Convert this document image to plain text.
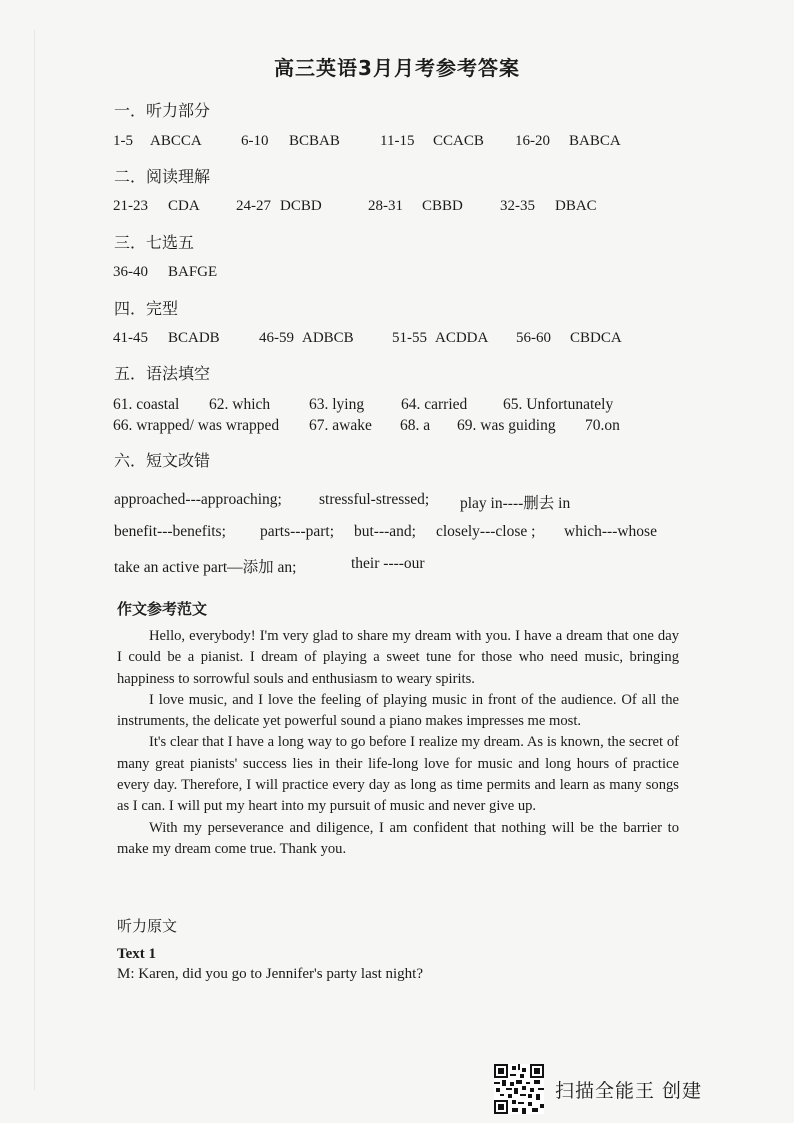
高三英语3月月考参考答案
一．听力部分
1-5 ABCCA	6-10 BCBAB	11-15 CCACB 16-20 BABCA
二．阅读理解
21-23 CDA 24-27 DCBD	28-31 CBBD 32-35 DBAC
三．七选五
36-40 BAFGE
四．完型
41-45 BCADB	46-59 ADBCB	51-55 ACDDA 56-60 CBDCA
五．语法填空
61. coastal 62. which	63. lying 64. carried 65. Unfortunately
66. wrapped/ was wrapped 67. awake 68. a 69. was guiding 70.on
六．短文改错
approached---approaching; stressful-stressed; play in----删去 in
benefit---benefits; parts---part; but---and; closely---close ; which---whose
take an active part—添加 an;	their ----our
作文参考范文

Hello, everybody! I'm very glad to share my dream with you. I have a dream that one day I could be a pianist. I dream of playing a sweet tune for those who need music, bringing happiness to sorrowful souls and enthusiasm to weary spirits.

I love music, and I love the feeling of playing music in front of the audience. Of all the instruments, the delicate yet powerful sound a piano makes impresses me most.

It's clear that I have a long way to go before I realize my dream. As is known, the secret of many great pianists' success lies in their life-long love for music and long hours of practice every day. Therefore, I will practice every day as long as time permits and learn as many songs as I can. I will put my heart into my pursuit of music and never give up.

With my perseverance and diligence, I am confident that nothing will be the barrier to make my dream come true. Thank you.

听力原文
Text 1
M: Karen, did you go to Jennifer's party last night?
扫描全能王 创建
